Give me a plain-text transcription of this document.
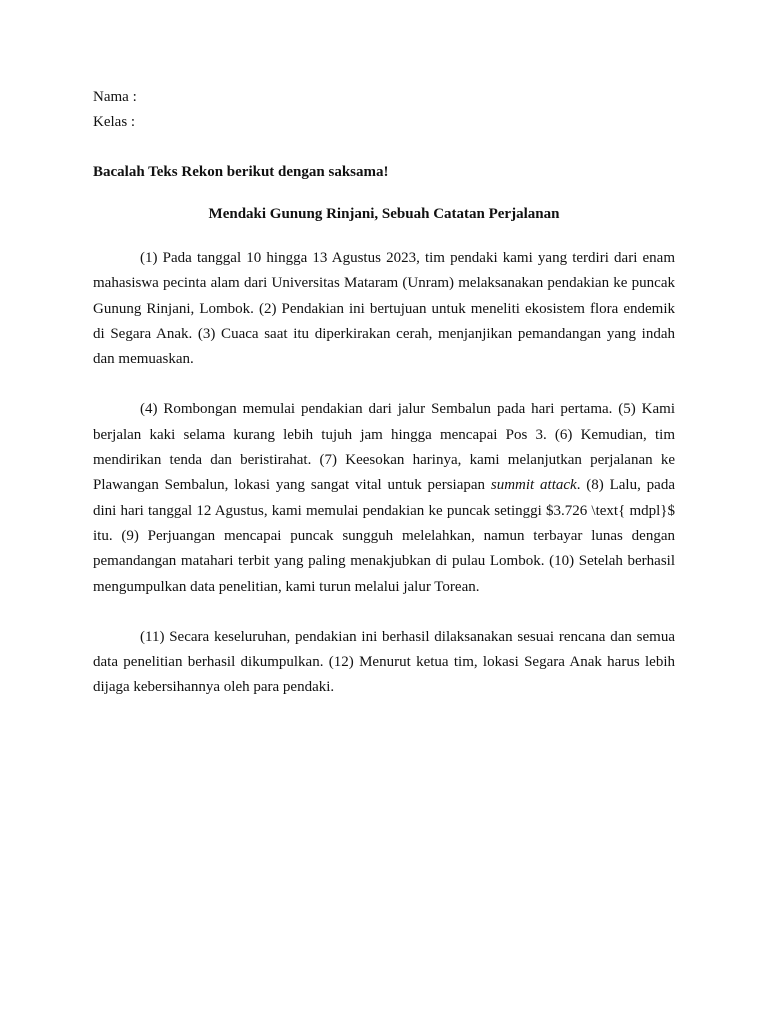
Nama :
Kelas :
Bacalah Teks Rekon berikut dengan saksama!
Mendaki Gunung Rinjani, Sebuah Catatan Perjalanan

(1) Pada tanggal 10 hingga 13 Agustus 2023, tim pendaki kami yang terdiri dari enam mahasiswa pecinta alam dari Universitas Mataram (Unram) melaksanakan pendakian ke puncak Gunung Rinjani, Lombok. (2) Pendakian ini bertujuan untuk meneliti ekosistem flora endemik di Segara Anak. (3) Cuaca saat itu diperkirakan cerah, menjanjikan pemandangan yang indah dan memuaskan.

(4) Rombongan memulai pendakian dari jalur Sembalun pada hari pertama. (5) Kami berjalan kaki selama kurang lebih tujuh jam hingga mencapai Pos 3. (6) Kemudian, tim mendirikan tenda dan beristirahat. (7) Keesokan harinya, kami melanjutkan perjalanan ke Plawangan Sembalun, lokasi yang sangat vital untuk persiapan summit attack. (8) Lalu, pada dini hari tanggal 12 Agustus, kami memulai pendakian ke puncak setinggi $3.726 \text{ mdpl}$ itu. (9) Perjuangan mencapai puncak sungguh melelahkan, namun terbayar lunas dengan pemandangan matahari terbit yang paling menakjubkan di pulau Lombok. (10) Setelah berhasil mengumpulkan data penelitian, kami turun melalui jalur Torean.

(11) Secara keseluruhan, pendakian ini berhasil dilaksanakan sesuai rencana dan semua data penelitian berhasil dikumpulkan. (12) Menurut ketua tim, lokasi Segara Anak harus lebih dijaga kebersihannya oleh para pendaki.
